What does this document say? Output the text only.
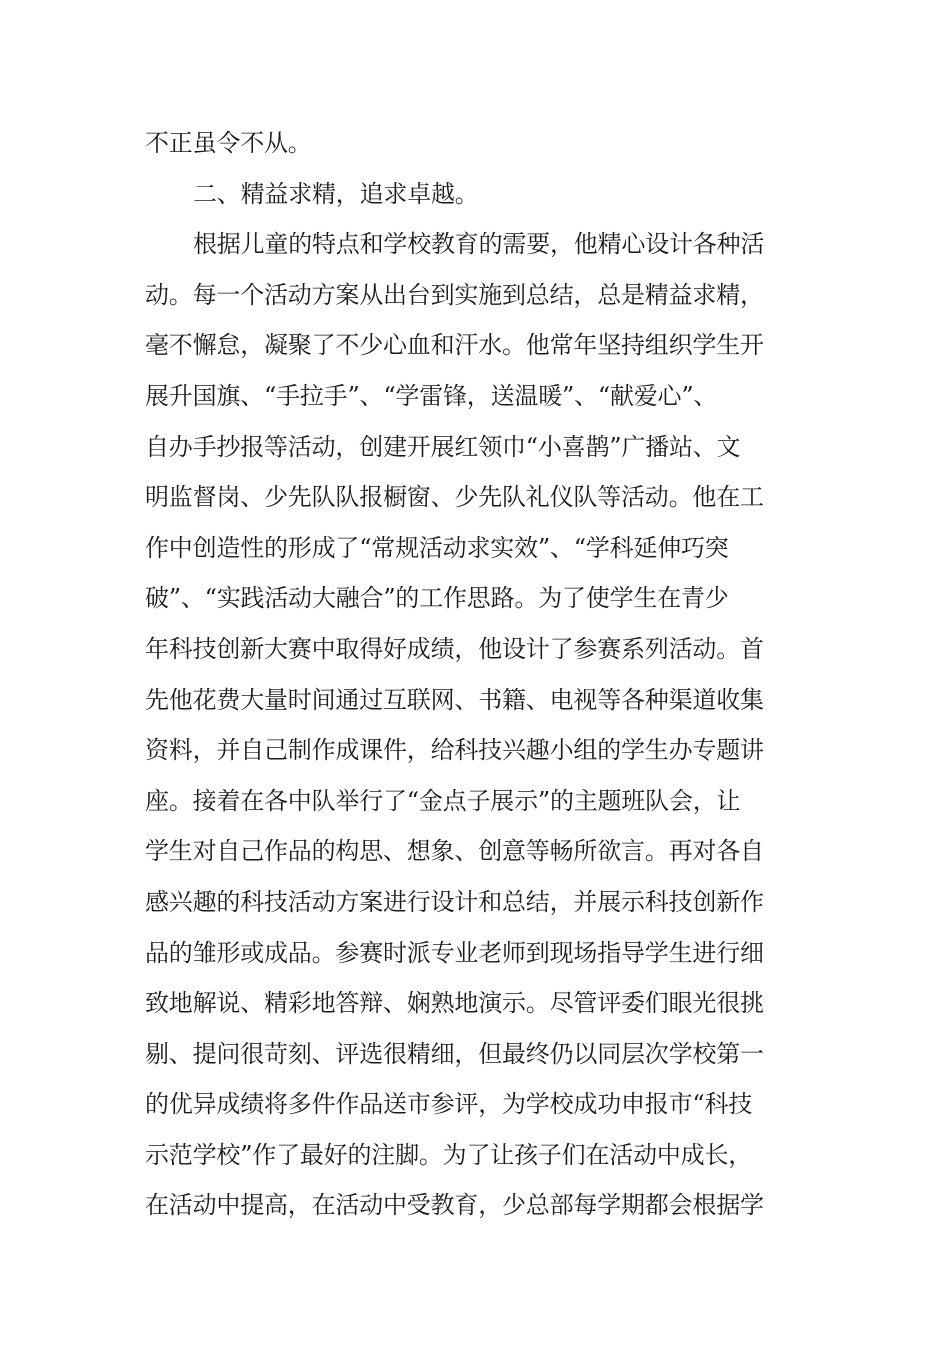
不正虽令不从。
二、精益求精，追求卓越。
根据儿童的特点和学校教育的需要，他精心设计各种活
动。每一个活动方案从出台到实施到总结，总是精益求精，
毫不懈怠，凝聚了不少心血和汗水。他常年坚持组织学生开
展升国旗、“手拉手”、“学雷锋，送温暖”、“献爱心”、
自办手抄报等活动，创建开展红领巾“小喜鹊”广播站、文
明监督岗、少先队队报橱窗、少先队礼仪队等活动。他在工
作中创造性的形成了“常规活动求实效”、“学科延伸巧突
破”、“实践活动大融合”的工作思路。为了使学生在青少
年科技创新大赛中取得好成绩，他设计了参赛系列活动。首
先他花费大量时间通过互联网、书籍、电视等各种渠道收集
资料，并自己制作成课件，给科技兴趣小组的学生办专题讲
座。接着在各中队举行了“金点子展示”的主题班队会，让
学生对自己作品的构思、想象、创意等畅所欲言。再对各自
感兴趣的科技活动方案进行设计和总结，并展示科技创新作
品的雏形或成品。参赛时派专业老师到现场指导学生进行细
致地解说、精彩地答辩、娴熟地演示。尽管评委们眼光很挑
剔、提问很苛刻、评选很精细，但最终仍以同层次学校第一
的优异成绩将多件作品送市参评，为学校成功申报市“科技
示范学校”作了最好的注脚。为了让孩子们在活动中成长，
在活动中提高，在活动中受教育，少总部每学期都会根据学
